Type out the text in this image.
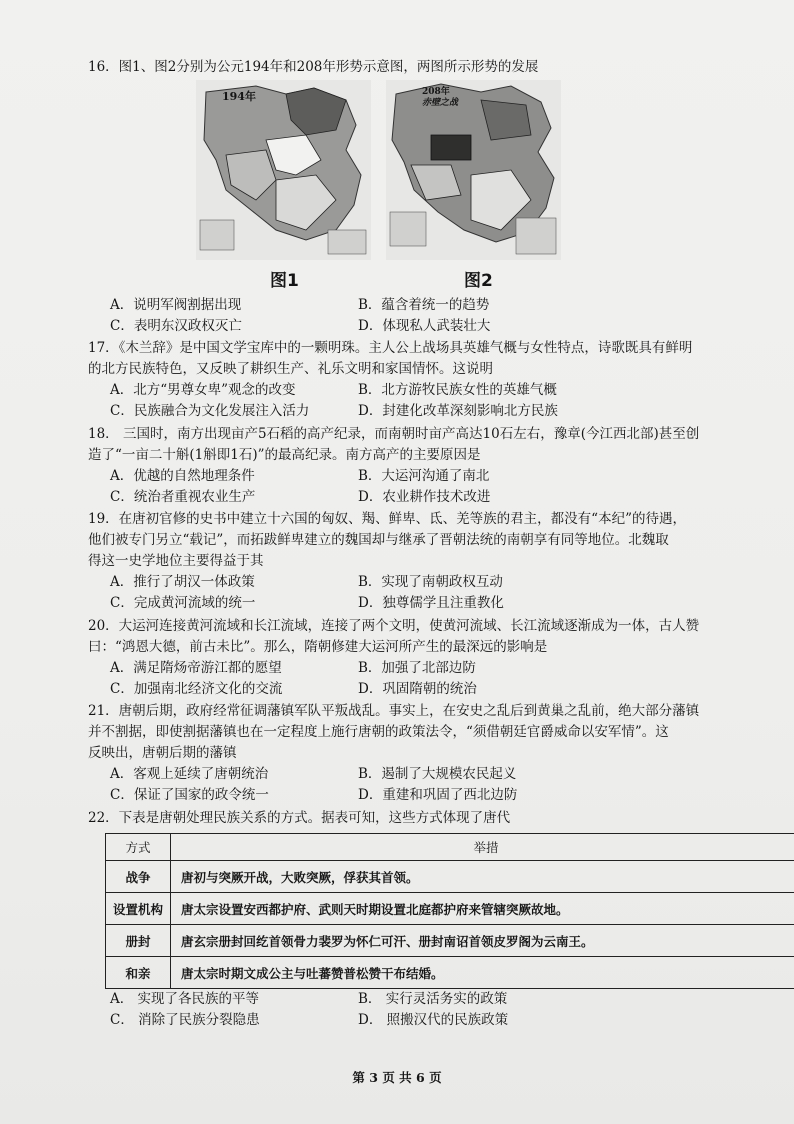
16．图1、图2分别为公元194年和208年形势示意图，两图所示形势的发展
194年	208年
赤壁之战
图1	图2
A．说明军阀割据出现	B．蕴含着统一的趋势
C．表明东汉政权灭亡	D．体现私人武装壮大
17．《木兰辞》是中国文学宝库中的一颗明珠。主人公上战场具英雄气概与女性特点，诗歌既具有鲜明
的北方民族特色，又反映了耕织生产、礼乐文明和家国情怀。这说明
A．北方“男尊女卑”观念的改变	B．北方游牧民族女性的英雄气概
C．民族融合为文化发展注入活力	D．封建化改革深刻影响北方民族
18． 三国时，南方出现亩产5石稻的高产纪录，而南朝时亩产高达10石左右，豫章(今江西北部)甚至创
造了“一亩二十斛(1斛即1石)”的最高纪录。南方高产的主要原因是
A．优越的自然地理条件	B．大运河沟通了南北
C．统治者重视农业生产	D．农业耕作技术改进
19．在唐初官修的史书中建立十六国的匈奴、羯、鲜卑、氐、羌等族的君主，都没有“本纪”的待遇，
他们被专门另立“载记”，而拓跋鲜卑建立的魏国却与继承了晋朝法统的南朝享有同等地位。北魏取
得这一史学地位主要得益于其
A．推行了胡汉一体政策	B．实现了南朝政权互动
C．完成黄河流域的统一	D．独尊儒学且注重教化
20．大运河连接黄河流域和长江流域，连接了两个文明，使黄河流域、长江流域逐渐成为一体，古人赞
曰：“鸿恩大德，前古未比”。那么，隋朝修建大运河所产生的最深远的影响是
A．满足隋炀帝游江都的愿望	B．加强了北部边防
C．加强南北经济文化的交流	D．巩固隋朝的统治
21．唐朝后期，政府经常征调藩镇军队平叛战乱。事实上，在安史之乱后到黄巢之乱前，绝大部分藩镇
并不割据，即使割据藩镇也在一定程度上施行唐朝的政策法令，“须借朝廷官爵威命以安军情”。这
反映出，唐朝后期的藩镇
A．客观上延续了唐朝统治	B．遏制了大规模农民起义
C．保证了国家的政令统一	D．重建和巩固了西北边防
22．下表是唐朝处理民族关系的方式。据表可知，这些方式体现了唐代
方式	举措
战争	唐初与突厥开战，大败突厥，俘获其首领。
设置机构	唐太宗设置安西都护府、武则天时期设置北庭都护府来管辖突厥故地。
册封	唐玄宗册封回纥首领骨力裴罗为怀仁可汗、册封南诏首领皮罗阁为云南王。
和亲	唐太宗时期文成公主与吐蕃赞普松赞干布结婚。
A． 实现了各民族的平等	B． 实行灵活务实的政策
C． 消除了民族分裂隐患	D． 照搬汉代的民族政策
第 3 页 共 6 页
